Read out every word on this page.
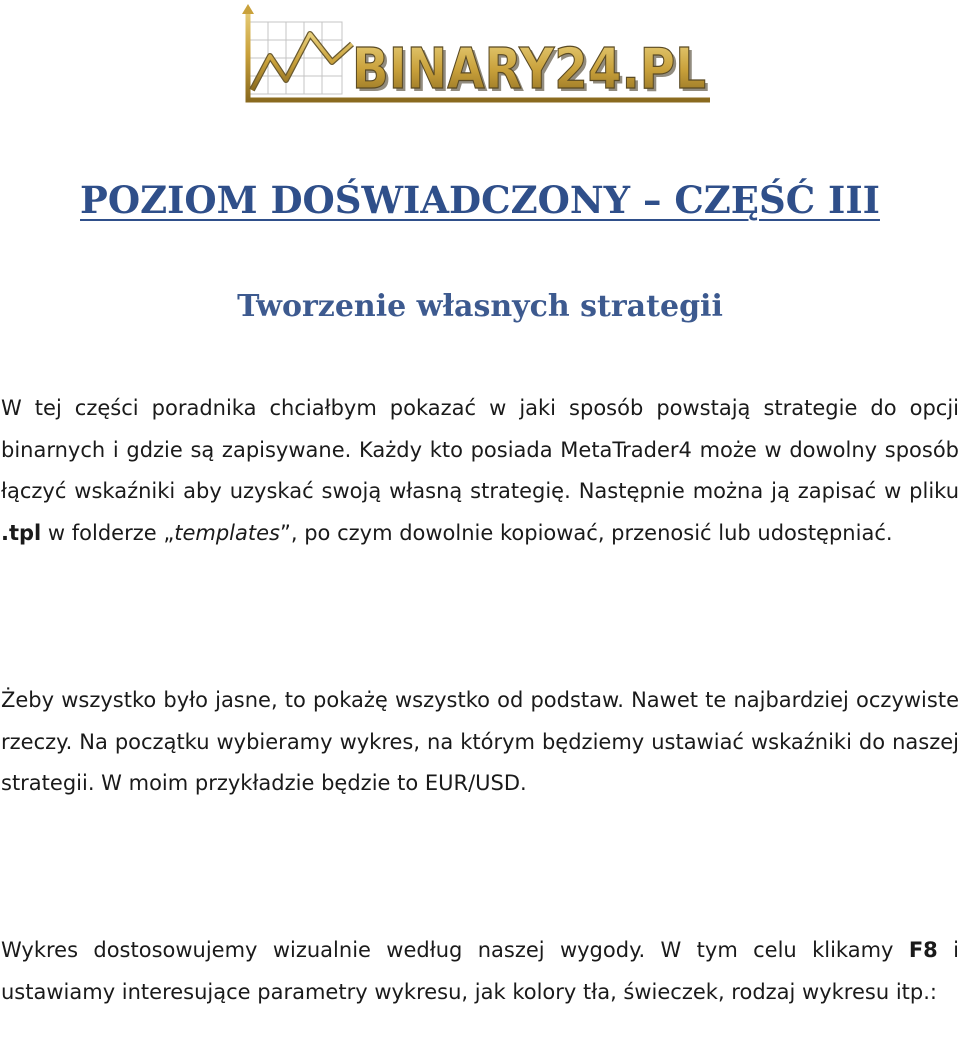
BINARY24.PL
BINARY24.PL
POZIOM DOŚWIADCZONY – CZĘŚĆ III
Tworzenie własnych strategii

W tej części poradnika chciałbym pokazać w jaki sposób powstają strategie do opcji binarnych i gdzie są zapisywane. Każdy kto posiada MetaTrader4 może w dowolny sposób łączyć wskaźniki aby uzyskać swoją własną strategię. Następnie można ją zapisać w pliku .tpl w folderze „templates”, po czym dowolnie kopiować, przenosić lub udostępniać.

Żeby wszystko było jasne, to pokażę wszystko od podstaw. Nawet te najbardziej oczywiste rzeczy. Na początku wybieramy wykres, na którym będziemy ustawiać wskaźniki do naszej strategii. W moim przykładzie będzie to EUR/USD.

Wykres dostosowujemy wizualnie według naszej wygody. W tym celu klikamy F8 i ustawiamy interesujące parametry wykresu, jak kolory tła, świeczek, rodzaj wykresu itp.:
